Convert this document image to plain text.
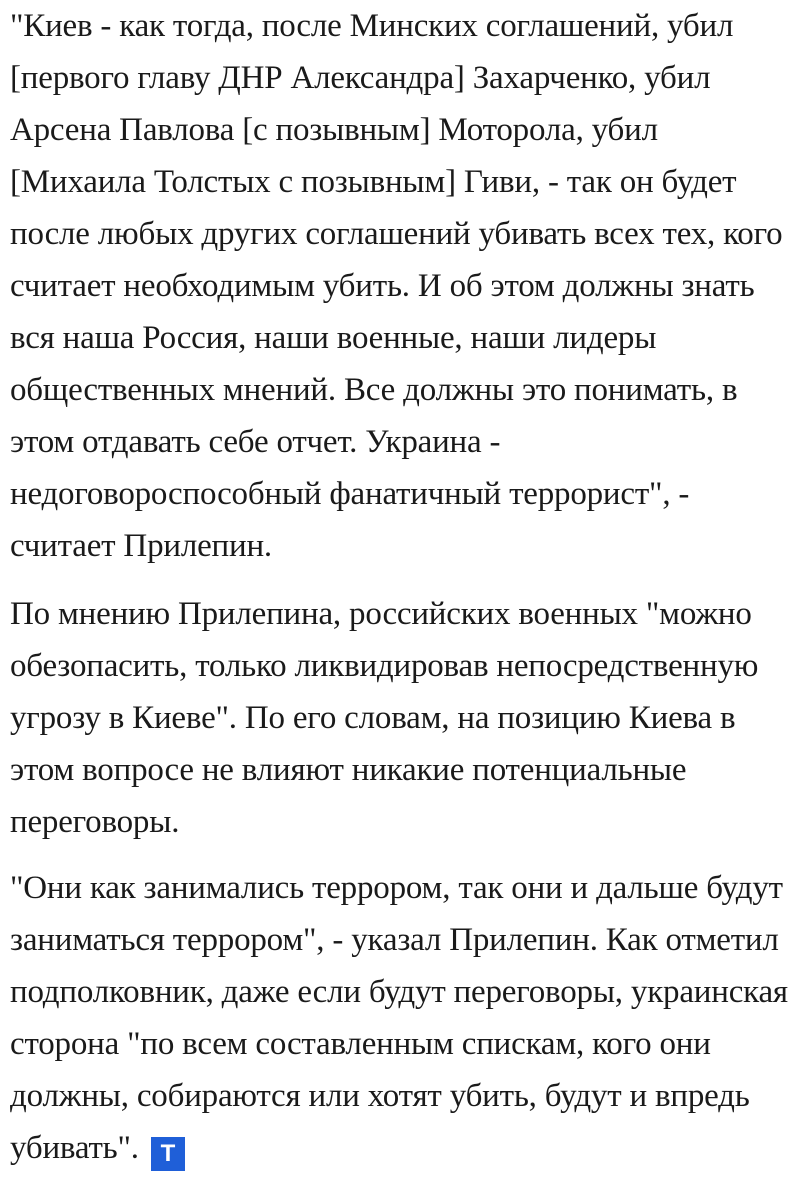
"Киев - как тогда, после Минских соглашений, убил [первого главу ДНР Александра] Захарченко, убил Арсена Павлова [с позывным] Моторола, убил [Михаила Толстых с позывным] Гиви, - так он будет после любых других соглашений убивать всех тех, кого считает необходимым убить. И об этом должны знать вся наша Россия, наши военные, наши лидеры общественных мнений. Все должны это понимать, в этом отдавать себе отчет. Украина - недоговороспособный фанатичный террорист", - считает Прилепин.

По мнению Прилепина, российских военных "можно обезопасить, только ликвидировав непосредственную угрозу в Киеве". По его словам, на позицию Киева в этом вопросе не влияют никакие потенциальные переговоры.

"Они как занимались террором, так они и дальше будут заниматься террором", - указал Прилепин. Как отметил подполковник, даже если будут переговоры, украинская сторона "по всем составленным спискам, кого они должны, собираются или хотят убить, будут и впредь убивать". Т
